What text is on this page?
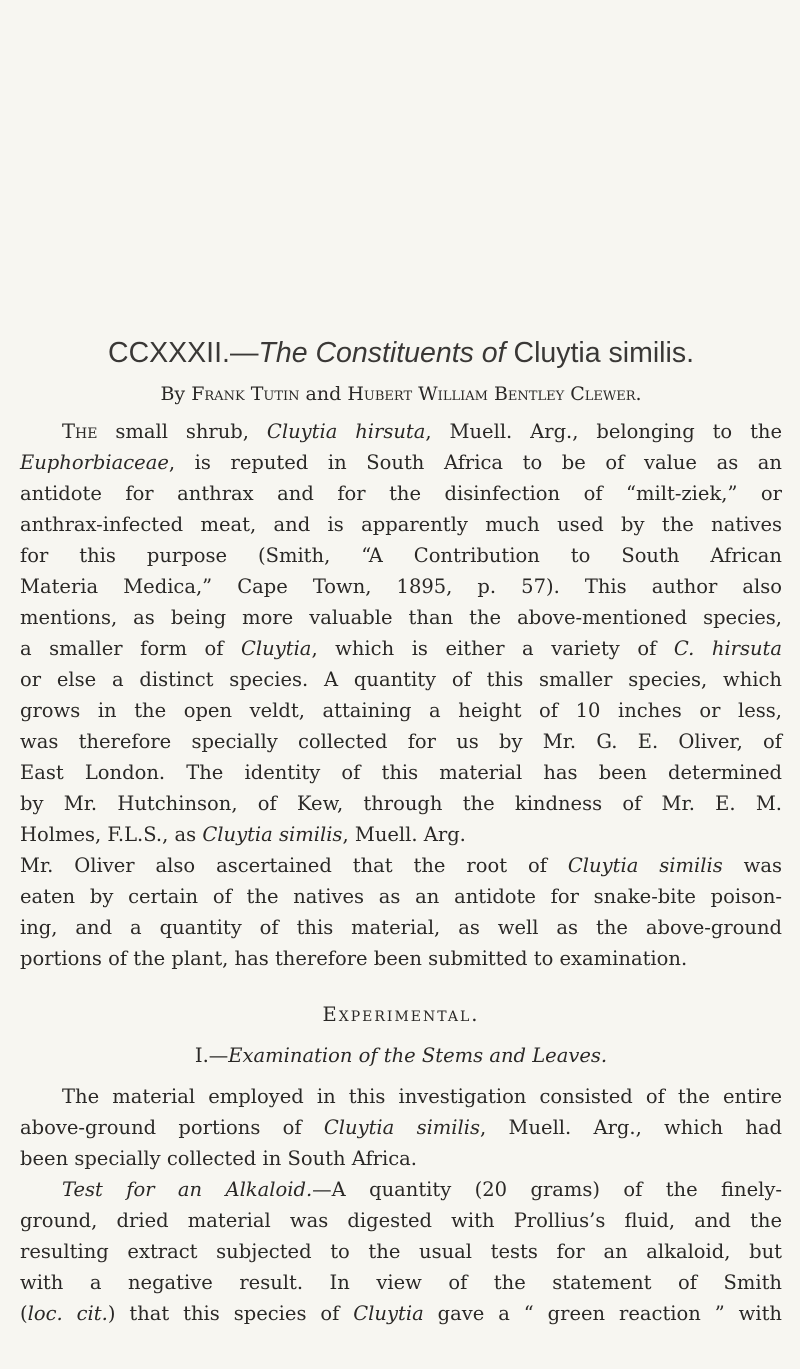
CCXXXII.—The Constituents of Cluytia similis.
By Frank Tutin and Hubert William Bentley Clewer.
The small shrub, Cluytia hirsuta, Muell. Arg., belonging to the
Euphorbiaceae, is reputed in South Africa to be of value as an
antidote for anthrax and for the disinfection of “milt-ziek,” or
anthrax-infected meat, and is apparently much used by the natives
for this purpose (Smith, “A Contribution to South African
Materia Medica,” Cape Town, 1895, p. 57). This author also
mentions, as being more valuable than the above-mentioned species,
a smaller form of Cluytia, which is either a variety of C. hirsuta
or else a distinct species. A quantity of this smaller species, which
grows in the open veldt, attaining a height of 10 inches or less,
was therefore specially collected for us by Mr. G. E. Oliver, of
East London. The identity of this material has been determined
by Mr. Hutchinson, of Kew, through the kindness of Mr. E. M.
Holmes, F.L.S., as Cluytia similis, Muell. Arg.
Mr. Oliver also ascertained that the root of Cluytia similis was
eaten by certain of the natives as an antidote for snake-bite poison-
ing, and a quantity of this material, as well as the above-ground
portions of the plant, has therefore been submitted to examination.
Experimental.
I.—Examination of the Stems and Leaves.
The material employed in this investigation consisted of the entire
above-ground portions of Cluytia similis, Muell. Arg., which had
been specially collected in South Africa.
Test for an Alkaloid.—A quantity (20 grams) of the finely-
ground, dried material was digested with Prollius’s fluid, and the
resulting extract subjected to the usual tests for an alkaloid, but
with a negative result. In view of the statement of Smith
(loc. cit.) that this species of Cluytia gave a “ green reaction ” with
